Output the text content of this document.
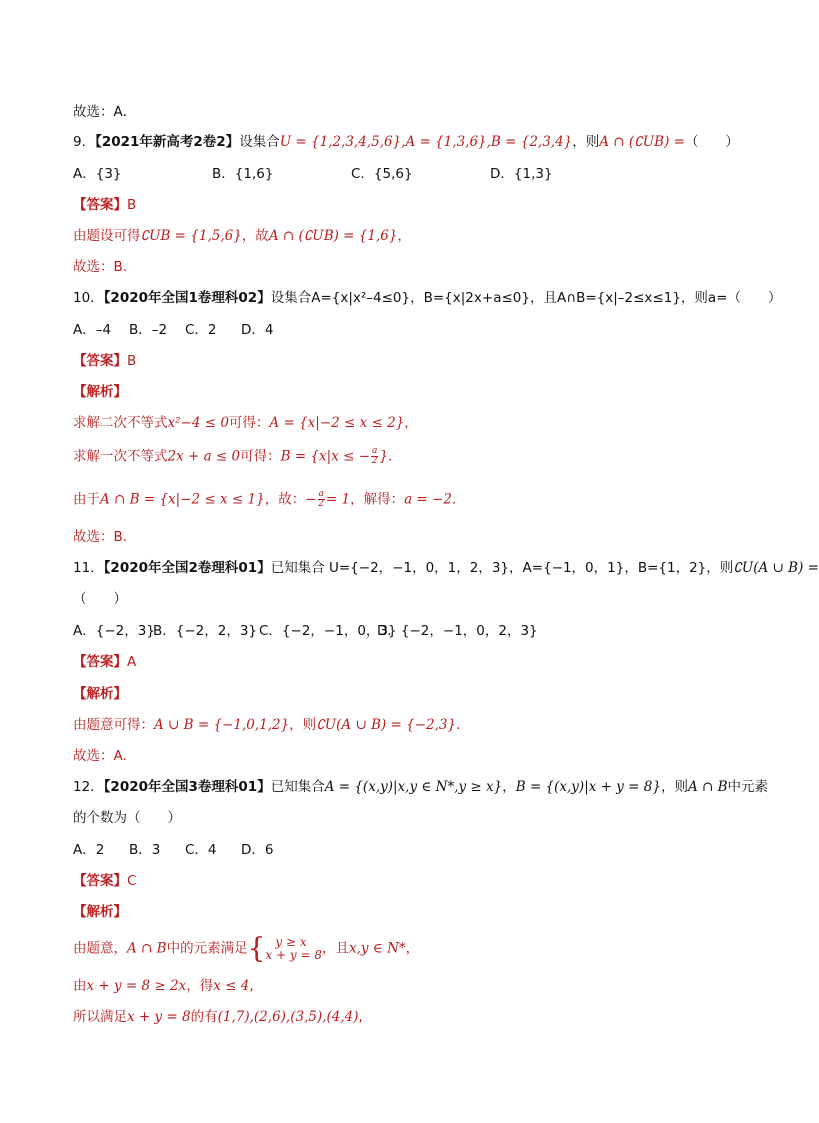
故选：A．
9．【2021年新高考2卷2】设集合U = {1,2,3,4,5,6},A = {1,3,6},B = {2,3,4}，则A ∩ (∁UB) =（　　）
A．{3}	B．{1,6}	C．{5,6}	D．{1,3}
【答案】B
由题设可得∁UB = {1,5,6}，故A ∩ (∁UB) = {1,6}，
故选：B.
10．【2020年全国1卷理科02】设集合A={x|x²–4≤0}，B={x|2x+a≤0}，且A∩B={x|–2≤x≤1}，则a=（　　）
A．–4 B．–2 C．2 D．4
【答案】B
【解析】
求解二次不等式x²−4 ≤ 0可得：A = {x|−2 ≤ x ≤ 2}，
求解一次不等式2x + a ≤ 0可得：B = {x|x ≤ − $\frac{a}{2}$ }.
由于A ∩ B = {x|−2 ≤ x ≤ 1}，故：− $\frac{a}{2} = 1$，解得：a = −2.
故选：B.
11．【2020年全国2卷理科01】已知集合 U={−2，−1，0，1，2，3}，A={−1，0，1}，B={1，2}，则∁U(A ∪ B) =
（　　）
A．{−2，3}B．{−2，2，3} C．{−2，−1，0，3}D．{−2，−1，0，2，3}
【答案】A
【解析】
由题意可得：A ∪ B = {−1,0,1,2}，则∁U(A ∪ B) = {−2,3}.
故选：A.
12．【2020年全国3卷理科01】已知集合A = {(x,y)|x,y ∈ N*,y ≥ x}，B = {(x,y)|x + y = 8}，则A ∩ B中元素
的个数为（　　）
A．2 B．3 C．4 D．6
【答案】C
【解析】
由题意，A ∩ B中的元素满足{ y ≥ x
x + y = 8 ，且x,y ∈ N*，
由x + y = 8 ≥ 2x，得x ≤ 4,
所以满足x + y = 8的有(1,7),(2,6),(3,5),(4,4),
